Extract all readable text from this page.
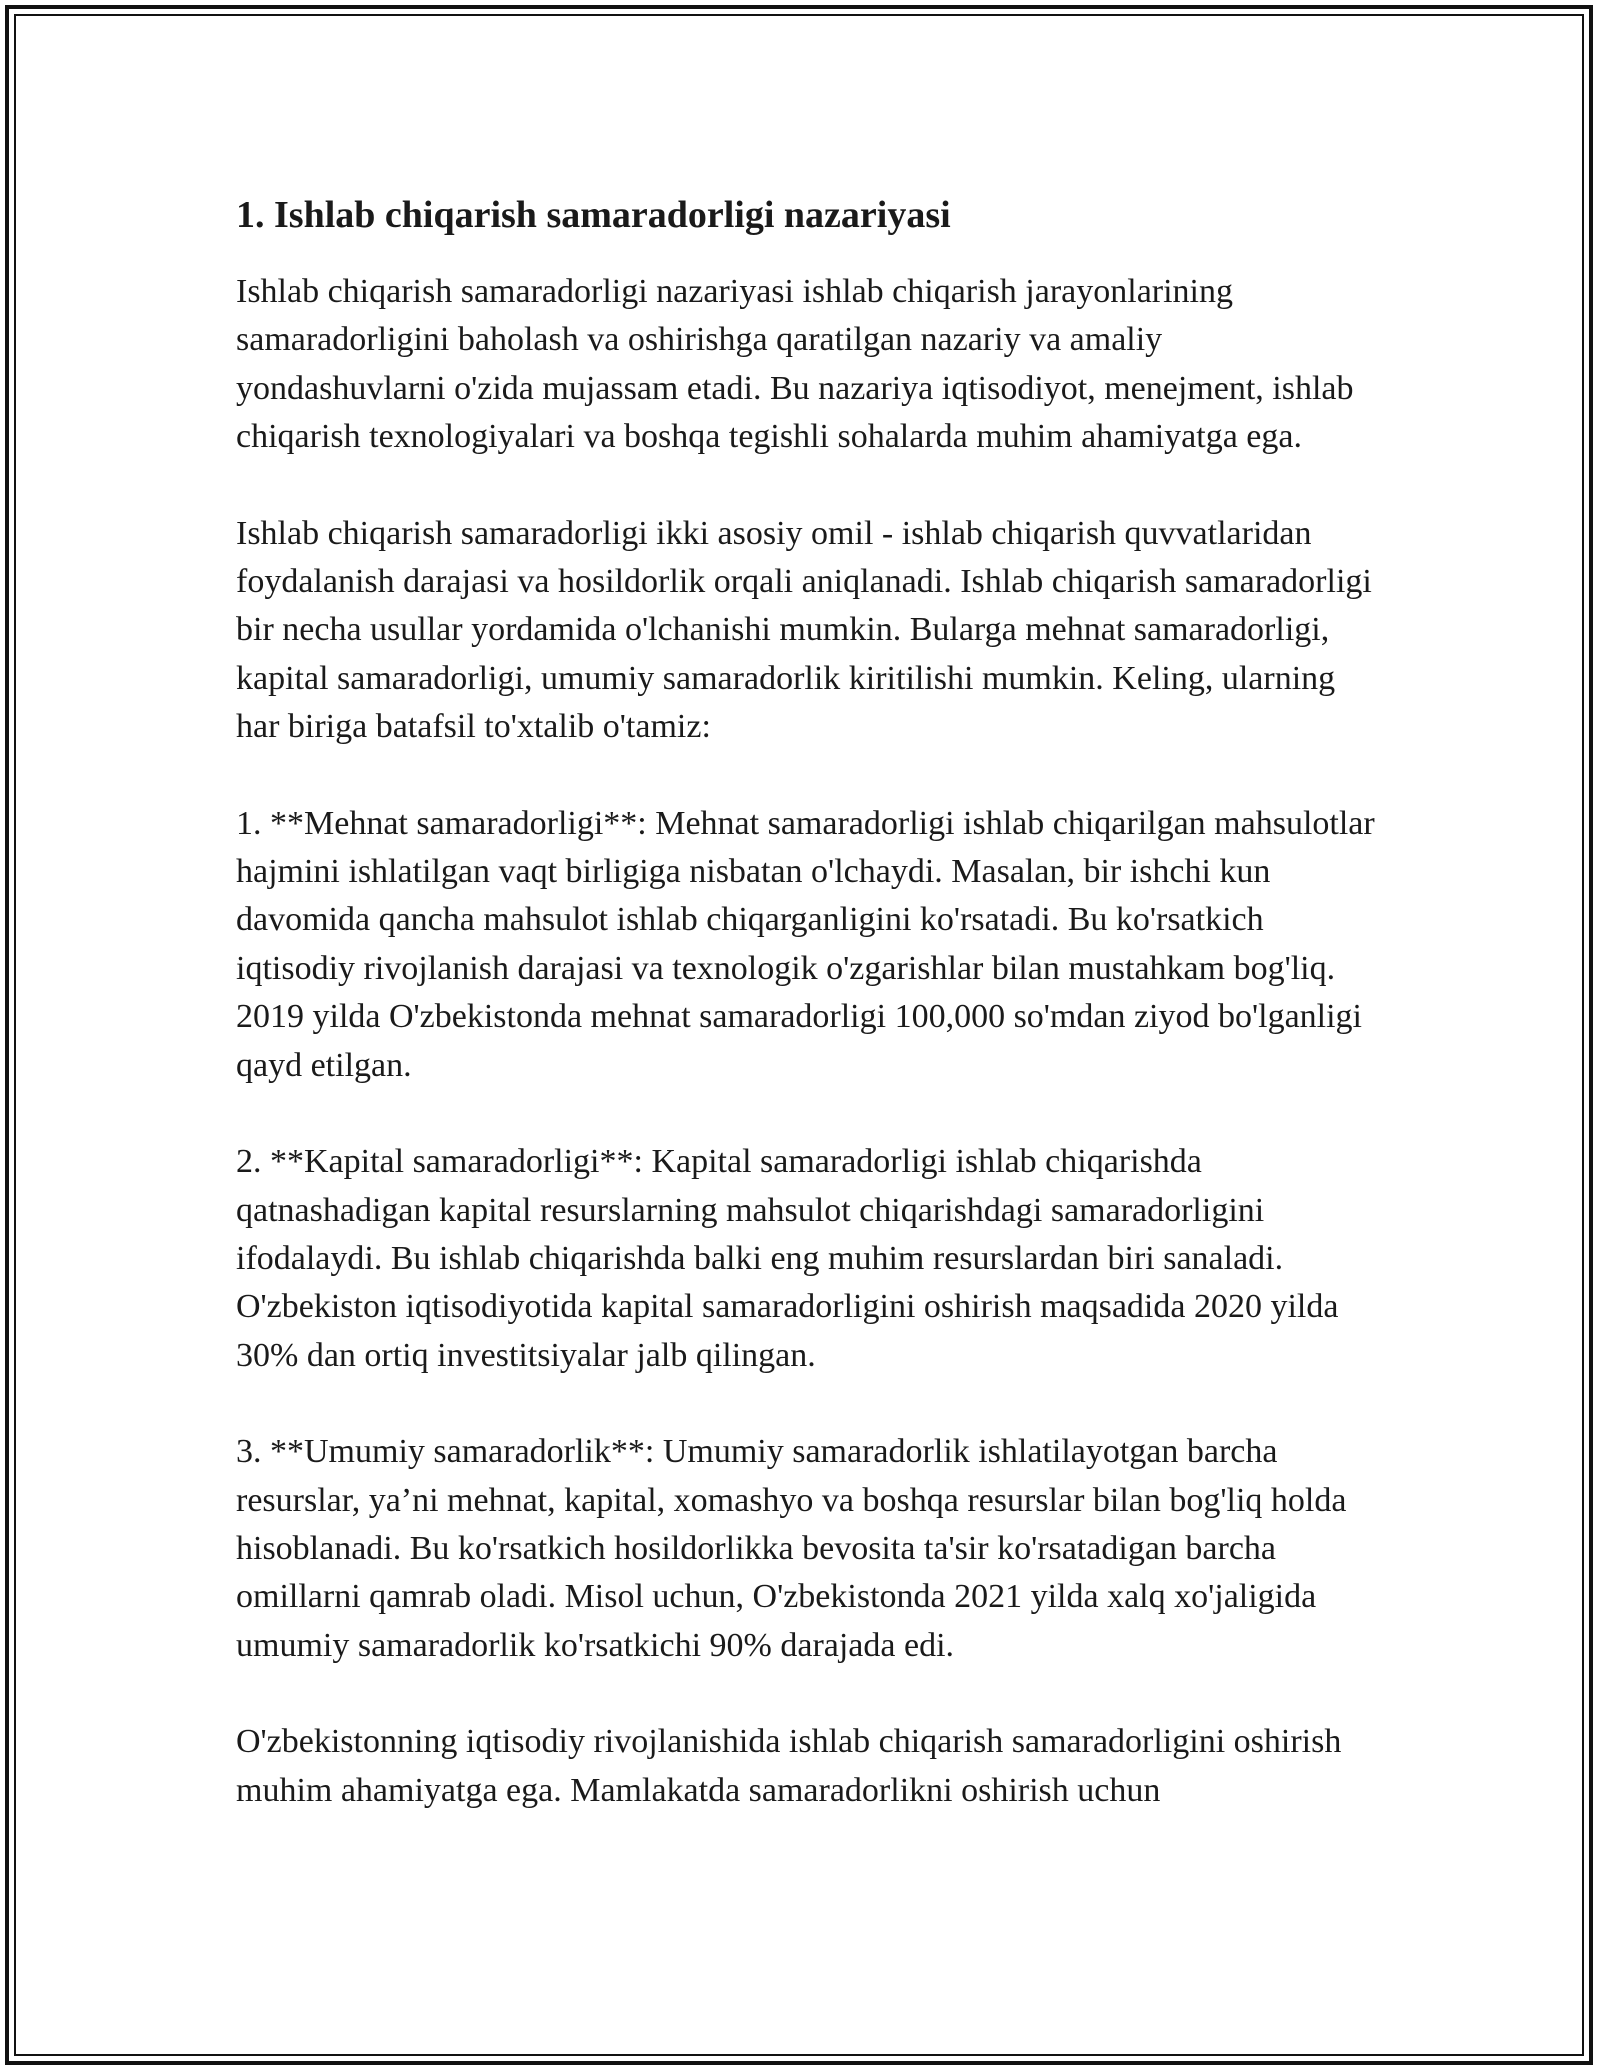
1. Ishlab chiqarish samaradorligi nazariyasi

Ishlab chiqarish samaradorligi nazariyasi ishlab chiqarish jarayonlarining samaradorligini baholash va oshirishga qaratilgan nazariy va amaliy yondashuvlarni o'zida mujassam etadi. Bu nazariya iqtisodiyot, menejment, ishlab chiqarish texnologiyalari va boshqa tegishli sohalarda muhim ahamiyatga ega.

Ishlab chiqarish samaradorligi ikki asosiy omil - ishlab chiqarish quvvatlaridan foydalanish darajasi va hosildorlik orqali aniqlanadi. Ishlab chiqarish samaradorligi bir necha usullar yordamida o'lchanishi mumkin. Bularga mehnat samaradorligi, kapital samaradorligi, umumiy samaradorlik kiritilishi mumkin. Keling, ularning har biriga batafsil to'xtalib o'tamiz:

1. **Mehnat samaradorligi**: Mehnat samaradorligi ishlab chiqarilgan mahsulotlar hajmini ishlatilgan vaqt birligiga nisbatan o'lchaydi. Masalan, bir ishchi kun davomida qancha mahsulot ishlab chiqarganligini ko'rsatadi. Bu ko'rsatkich iqtisodiy rivojlanish darajasi va texnologik o'zgarishlar bilan mustahkam bog'liq. 2019 yilda O'zbekistonda mehnat samaradorligi 100,000 so'mdan ziyod bo'lganligi qayd etilgan.

2. **Kapital samaradorligi**: Kapital samaradorligi ishlab chiqarishda qatnashadigan kapital resurslarning mahsulot chiqarishdagi samaradorligini ifodalaydi. Bu ishlab chiqarishda balki eng muhim resurslardan biri sanaladi. O'zbekiston iqtisodiyotida kapital samaradorligini oshirish maqsadida 2020 yilda 30% dan ortiq investitsiyalar jalb qilingan.

3. **Umumiy samaradorlik**: Umumiy samaradorlik ishlatilayotgan barcha resurslar, ya’ni mehnat, kapital, xomashyo va boshqa resurslar bilan bog'liq holda hisoblanadi. Bu ko'rsatkich hosildorlikka bevosita ta'sir ko'rsatadigan barcha omillarni qamrab oladi. Misol uchun, O'zbekistonda 2021 yilda xalq xo'jaligida umumiy samaradorlik ko'rsatkichi 90% darajada edi.

O'zbekistonning iqtisodiy rivojlanishida ishlab chiqarish samaradorligini oshirish muhim ahamiyatga ega. Mamlakatda samaradorlikni oshirish uchun
